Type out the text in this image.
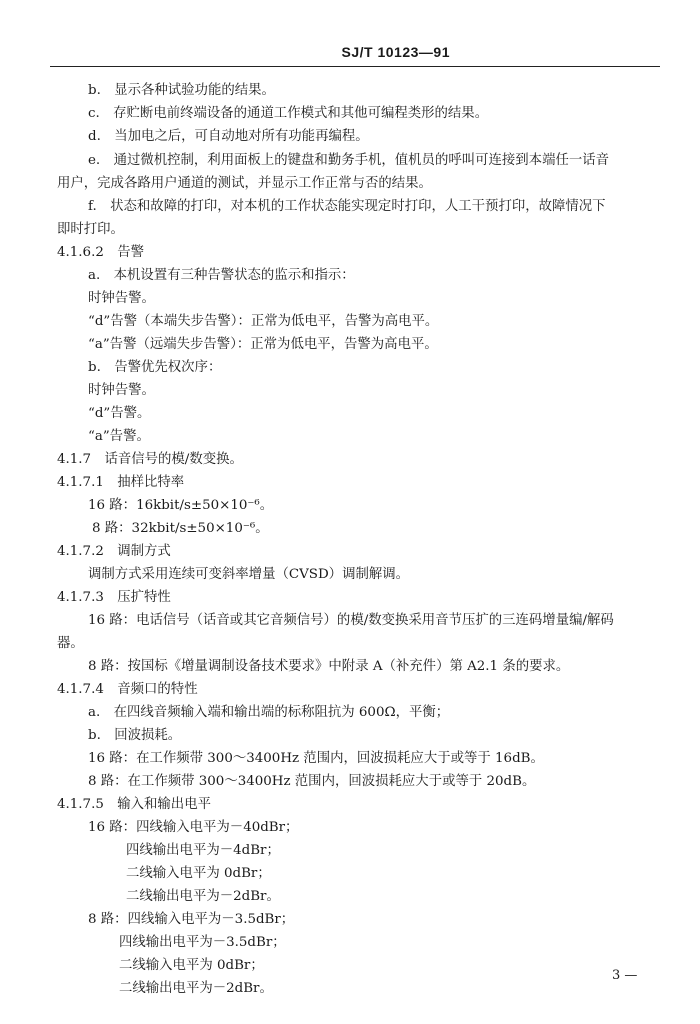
SJ/T 10123—91
b.　显示各种试验功能的结果。
c.　存贮断电前终端设备的通道工作模式和其他可编程类形的结果。
d.　当加电之后，可自动地对所有功能再编程。
e.　通过微机控制，利用面板上的键盘和勤务手机，值机员的呼叫可连接到本端任一话音
用户，完成各路用户通道的测试，并显示工作正常与否的结果。
f.　状态和故障的打印，对本机的工作状态能实现定时打印，人工干预打印，故障情况下
即时打印。
4.1.6.2　告警
a.　本机设置有三种告警状态的监示和指示：
时钟告警。
“d”告警（本端失步告警）：正常为低电平，告警为高电平。
“a”告警（远端失步告警）：正常为低电平，告警为高电平。
b.　告警优先权次序：
时钟告警。
“d”告警。
“a”告警。
4.1.7　话音信号的模/数变换。
4.1.7.1　抽样比特率
16 路：16kbit/s±50×10⁻⁶。
8 路：32kbit/s±50×10⁻⁶。
4.1.7.2　调制方式
调制方式采用连续可变斜率增量（CVSD）调制解调。
4.1.7.3　压扩特性
16 路：电话信号（话音或其它音频信号）的模/数变换采用音节压扩的三连码增量编/解码
器。
8 路：按国标《增量调制设备技术要求》中附录 A（补充件）第 A2.1 条的要求。
4.1.7.4　音频口的特性
a.　在四线音频输入端和输出端的标称阻抗为 600Ω，平衡；
b.　回波损耗。
16 路：在工作频带 300～3400Hz 范围内，回波损耗应大于或等于 16dB。
8 路：在工作频带 300～3400Hz 范围内，回波损耗应大于或等于 20dB。
4.1.7.5　输入和输出电平
16 路：四线输入电平为－40dBr；
四线输出电平为－4dBr；
二线输入电平为 0dBr；
二线输出电平为－2dBr。
8 路：四线输入电平为－3.5dBr；
四线输出电平为－3.5dBr；
二线输入电平为 0dBr；
二线输出电平为－2dBr。
3 —
